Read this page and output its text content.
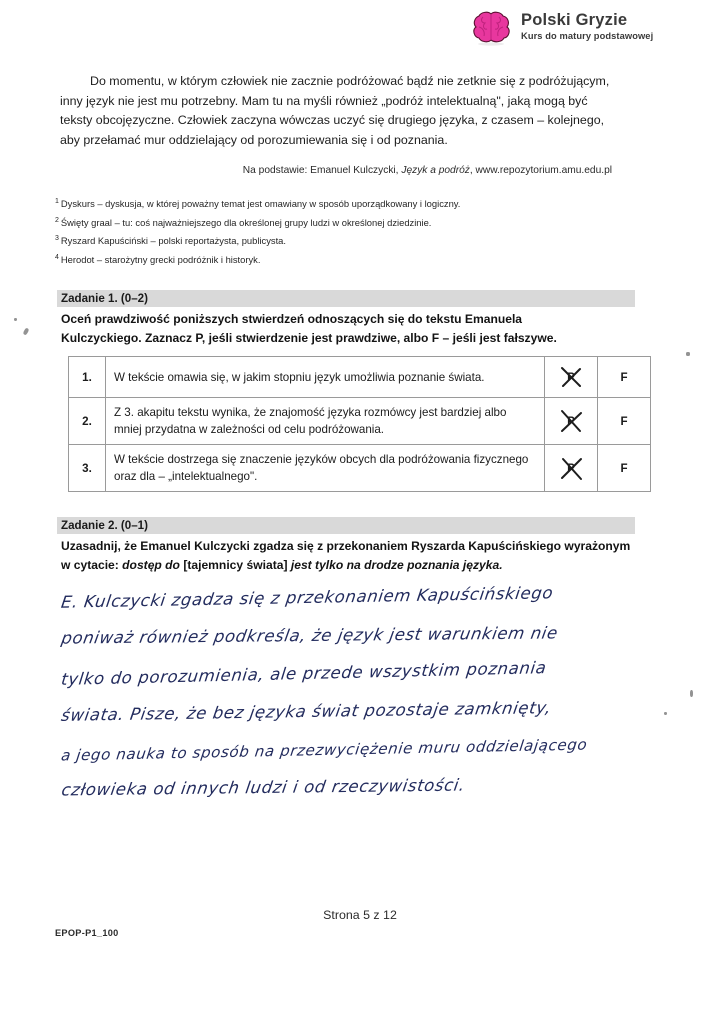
Polski Gryzie
Kurs do matury podstawowej
Do momentu, w którym człowiek nie zacznie podróżować bądź nie zetknie się z podróżującym, inny język nie jest mu potrzebny. Mam tu na myśli również „podróż intelektualną", jaką mogą być teksty obcojęzyczne. Człowiek zaczyna wówczas uczyć się drugiego języka, z czasem – kolejnego, aby przełamać mur oddzielający od porozumiewania się i od poznania.
Na podstawie: Emanuel Kulczycki, Język a podróż, www.repozytorium.amu.edu.pl
$^1$ Dyskurs – dyskusja, w której poważny temat jest omawiany w sposób uporządkowany i logiczny.
$^2$ Święty graal – tu: coś najważniejszego dla określonej grupy ludzi w określonej dziedzinie.
$^3$ Ryszard Kapuściński – polski reportażysta, publicysta.
$^4$ Herodot – starożytny grecki podróżnik i historyk.
Zadanie 1. (0–2)
Oceń prawdziwość poniższych stwierdzeń odnoszących się do tekstu Emanuela
Kulczyckiego. Zaznacz P, jeśli stwierdzenie jest prawdziwe, albo F – jeśli jest fałszywe.
1.	W tekście omawia się, w jakim stopniu język umożliwia poznanie świata.	P	F
2.	Z 3. akapitu tekstu wynika, że znajomość języka rozmówcy jest bardziej albo mniej przydatna w zależności od celu podróżowania.	P	F
3.	W tekście dostrzega się znaczenie języków obcych dla podróżowania fizycznego oraz dla – „intelektualnego".	P	F
Zadanie 2. (0–1)
Uzasadnij, że Emanuel Kulczycki zgadza się z przekonaniem Ryszarda Kapuścińskiego wyrażonym w cytacie: dostęp do [tajemnicy świata] jest tylko na drodze poznania języka.
E. Kulczycki zgadza się z przekonaniem Kapuścińskiego
poniważ również podkreśla, że język jest warunkiem nie
tylko do porozumienia, ale przede wszystkim poznania
świata. Pisze, że bez języka świat pozostaje zamknięty,
a jego nauka to sposób na przezwyciężenie muru oddzielającego
człowieka od innych ludzi i od rzeczywistości.
Strona 5 z 12
EPOP-P1_100
